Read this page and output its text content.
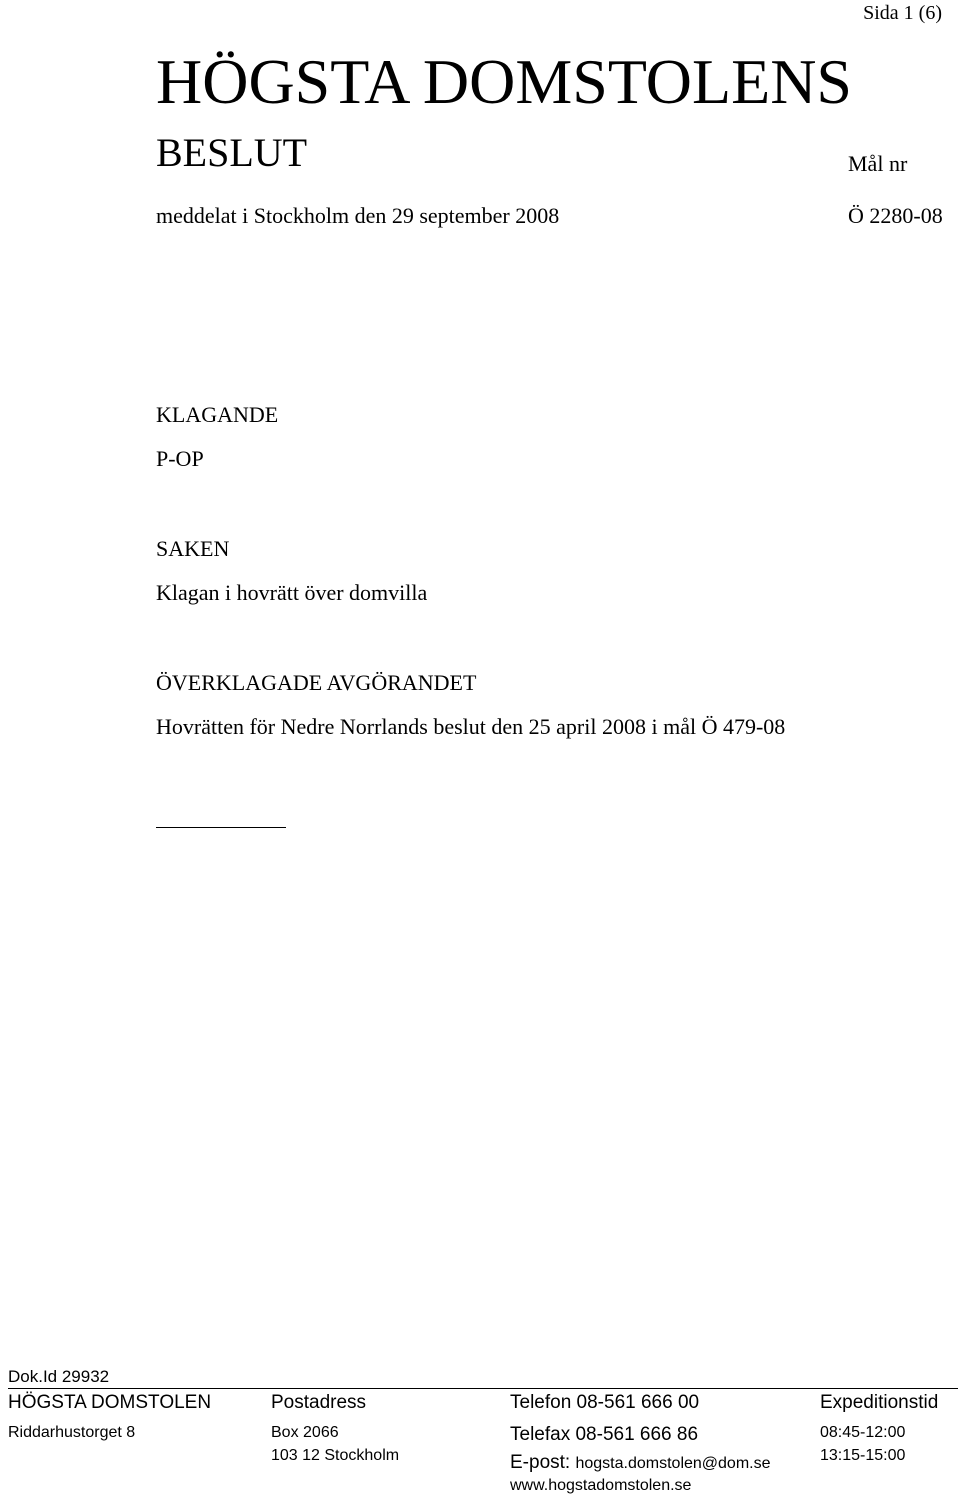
Sida 1 (6)
HÖGSTA DOMSTOLENS
BESLUT	Mål nr
meddelat i Stockholm den 29 september 2008	Ö 2280-08
KLAGANDE
P-OP
SAKEN
Klagan i hovrätt över domvilla
ÖVERKLAGADE AVGÖRANDET
Hovrätten för Nedre Norrlands beslut den 25 april 2008 i mål Ö 479-08
Dok.Id 29932
HÖGSTA DOMSTOLEN
Riddarhustorget 8
Postadress
Box 2066
103 12 Stockholm
Telefon 08-561 666 00
Telefax 08-561 666 86
E-post: hogsta.domstolen@dom.se
www.hogstadomstolen.se
Expeditionstid
08:45-12:00
13:15-15:00
